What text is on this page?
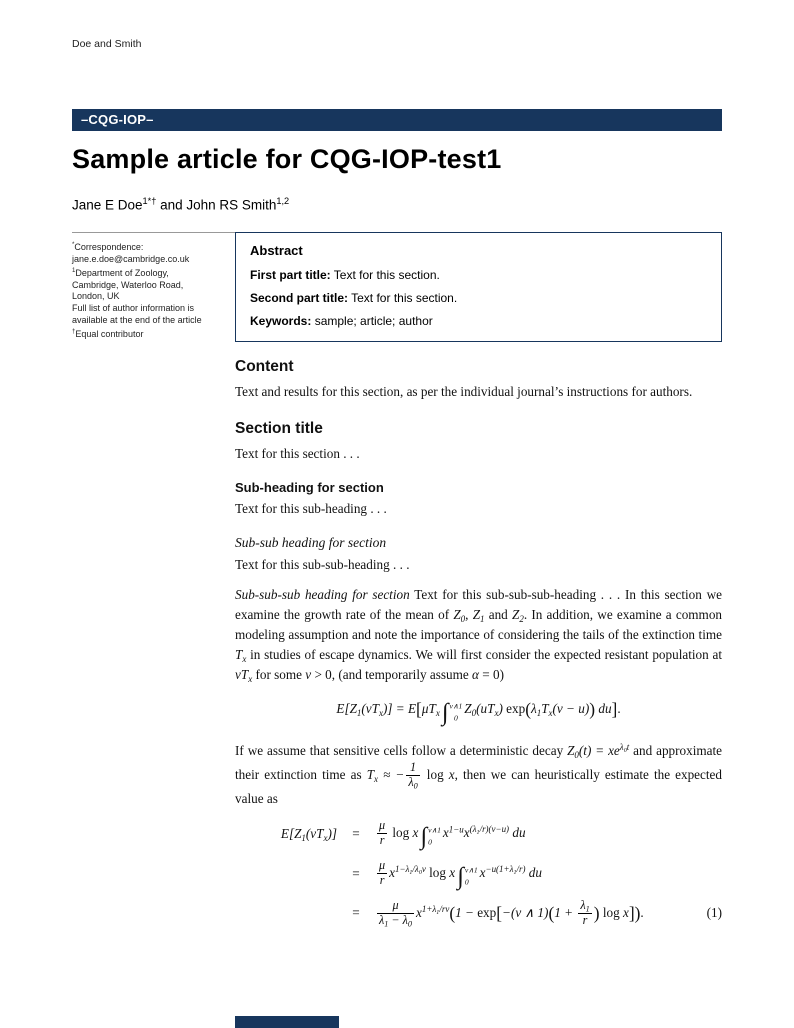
Doe and Smith
–CQG-IOP–
Sample article for CQG-IOP-test1
Jane E Doe$^{1*\dagger}$ and John RS Smith$^{1,2}$
*Correspondence:
jane.e.doe@cambridge.co.uk
$^1$Department of Zoology,
Cambridge, Waterloo Road,
London, UK
Full list of author information is
available at the end of the article
†Equal contributor
Abstract
First part title: Text for this section.
Second part title: Text for this section.
Keywords: sample; article; author
Content

Text and results for this section, as per the individual journal’s instructions for authors.

Section title

Text for this section . . .

Sub-heading for section

Text for this sub-heading . . .

Sub-sub heading for section

Text for this sub-sub-heading . . .

Sub-sub-sub heading for section Text for this sub-sub-sub-heading . . . In this section we examine the growth rate of the mean of $Z_0$, $Z_1$ and $Z_2$. In addition, we examine a common modeling assumption and note the importance of considering the tails of the extinction time $T_x$ in studies of escape dynamics. We will first consider the expected resistant population at $vT_x$ for some v > 0, (and temporarily assume α = 0)

$E[Z_1(vT_x)] = E[\mu T_x$ ∫ v∧1
0
$Z_0(uT_x) \exp(\lambda_1T_x(v - u))$ du].

If we assume that sensitive cells follow a deterministic decay $Z_0(t) = xe^{\lambda_0t}$ and approximate their extinction time as $T_x$ ≈ − $\frac{1}{\lambda_0}$ log x, then we can heuristically estimate the expected value as

$E[Z_1(vT_x)]$	=	$\frac{\mu}{r}$ log x ∫ v∧1
0
$x^{1-u}x^{(\lambda_1/r)(v-u)}$ du
=	$\frac{\mu}{r} x^{1-\lambda_1/\lambda_0v}$ log x ∫ v∧1
0
$x^{-u(1+\lambda_1/r)}$ du
=	$\frac{\mu}{\lambda_1 - \lambda_0} x^{1+\lambda_1/rv}(1 - \exp[-(v$ ∧ $1)(1 + \frac{\lambda_1}{r}$ ) log x]).	(1)
